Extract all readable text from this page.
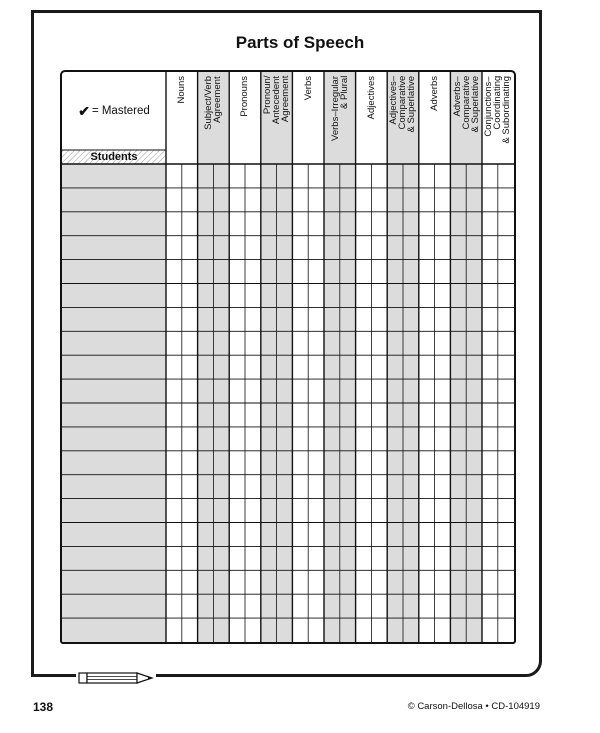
Parts of Speech
✔ = Mastered
Students
Nouns Subject/Verb
Agreement Pronouns Pronoun/
Antecedent
Agreement Verbs Verbs–Irregular
& Plural Adjectives Adjectives–
Comparative
& Superlative Adverbs Adverbs–
Comparative
& Superlative Conjunctions–
Coordinating
& Subordinating
138	© Carson-Dellosa • CD-104919
